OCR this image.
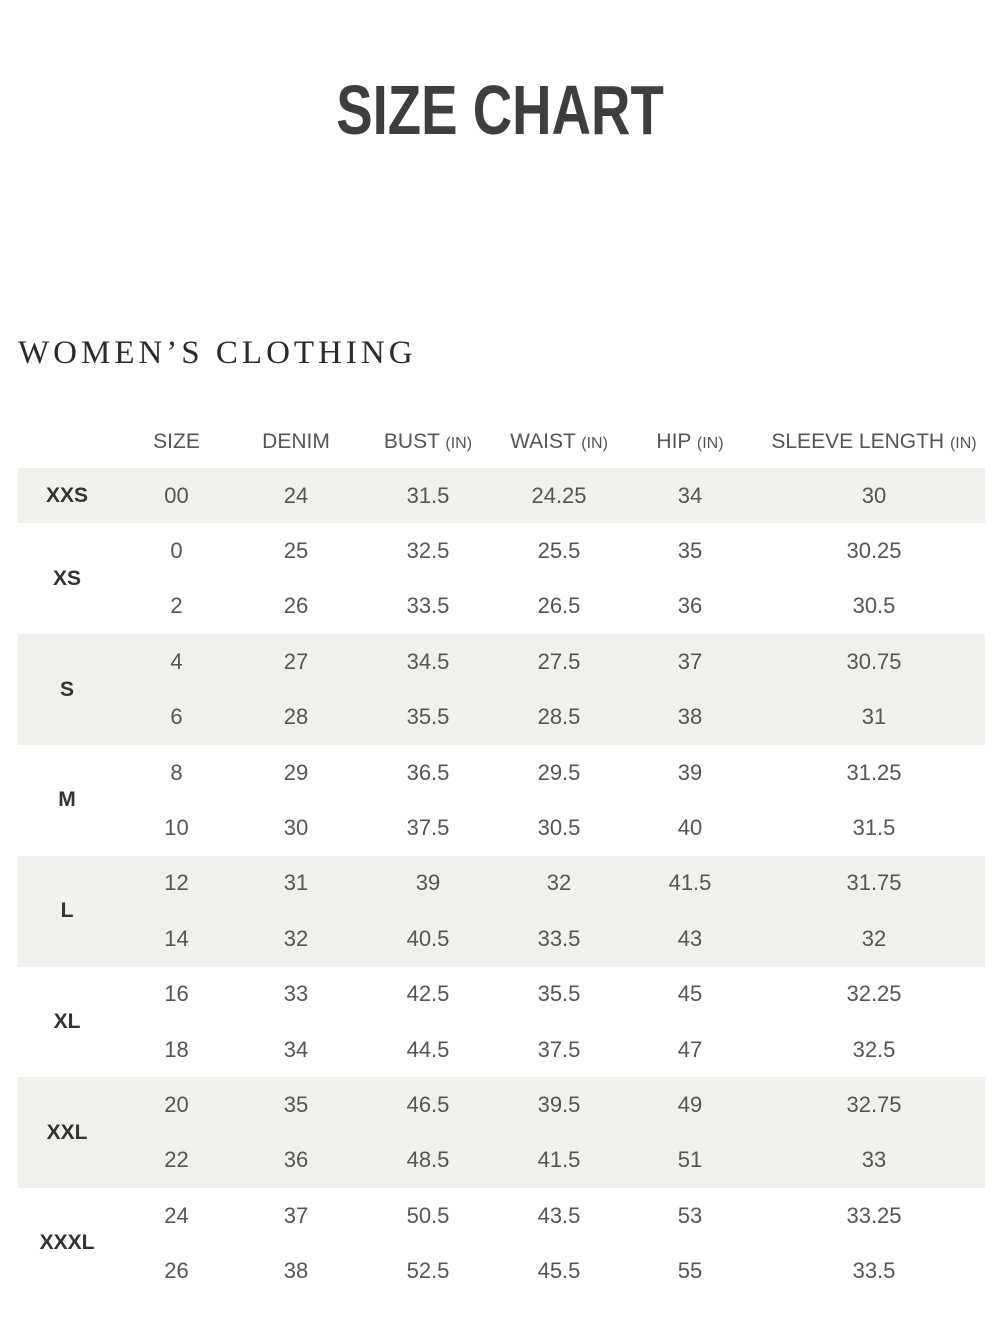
SIZE CHART
WOMEN’S CLOTHING
	SIZE	DENIM	BUST (IN)	WAIST (IN)	HIP (IN)	SLEEVE LENGTH (IN)
XXS	00	24	31.5	24.25	34	30
XS	0	25	32.5	25.5	35	30.25
	2	26	33.5	26.5	36	30.5
S	4	27	34.5	27.5	37	30.75
	6	28	35.5	28.5	38	31
M	8	29	36.5	29.5	39	31.25
	10	30	37.5	30.5	40	31.5
L	12	31	39	32	41.5	31.75
	14	32	40.5	33.5	43	32
XL	16	33	42.5	35.5	45	32.25
	18	34	44.5	37.5	47	32.5
XXL	20	35	46.5	39.5	49	32.75
	22	36	48.5	41.5	51	33
XXXL	24	37	50.5	43.5	53	33.25
	26	38	52.5	45.5	55	33.5
